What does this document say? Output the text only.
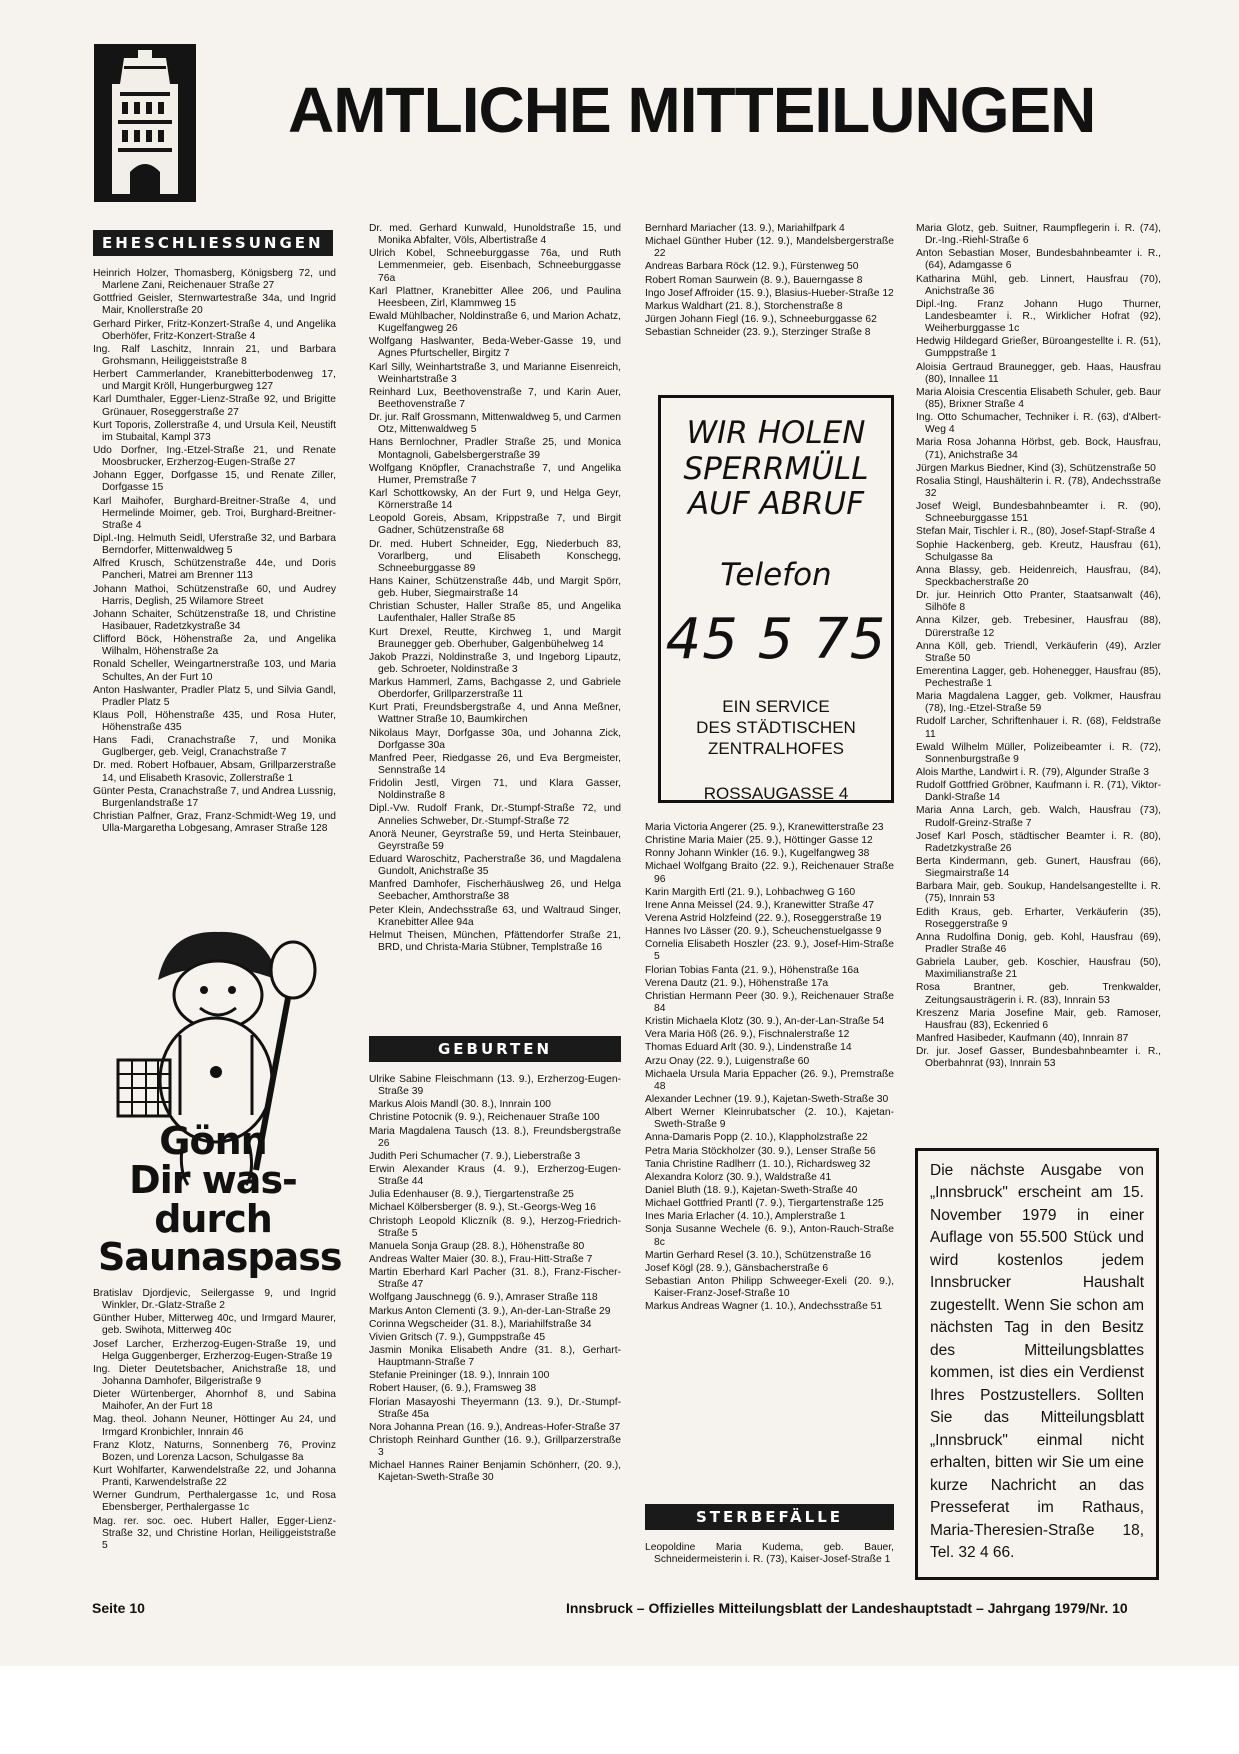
AMTLICHE MITTEILUNGEN
EHESCHLIESSUNGEN

Heinrich Holzer, Thomasberg, Königsberg 72, und Marlene Zani, Reichenauer Straße 27

Gottfried Geisler, Sternwartestraße 34a, und Ingrid Mair, Knollerstraße 20

Gerhard Pirker, Fritz-Konzert-Straße 4, und Angelika Oberhöfer, Fritz-Konzert-Straße 4

Ing. Ralf Laschitz, Innrain 21, und Barbara Grohsmann, Heiliggeiststraße 8

Herbert Cammerlander, Kranebitterbodenweg 17, und Margit Kröll, Hungerburgweg 127

Karl Dumthaler, Egger-Lienz-Straße 92, und Brigitte Grünauer, Roseggerstraße 27

Kurt Toporis, Zollerstraße 4, und Ursula Keil, Neustift im Stubaital, Kampl 373

Udo Dorfner, Ing.-Etzel-Straße 21, und Renate Moosbrucker, Erzherzog-Eugen-Straße 27

Johann Egger, Dorfgasse 15, und Renate Ziller, Dorfgasse 15

Karl Maihofer, Burghard-Breitner-Straße 4, und Hermelinde Moimer, geb. Troi, Burghard-Breitner-Straße 4

Dipl.-Ing. Helmuth Seidl, Uferstraße 32, und Barbara Berndorfer, Mittenwaldweg 5

Alfred Krusch, Schützenstraße 44e, und Doris Pancheri, Matrei am Brenner 113

Johann Mathoi, Schützenstraße 60, und Audrey Harris, Deglish, 25 Wilamore Street

Johann Schaiter, Schützenstraße 18, und Christine Hasibauer, Radetzkystraße 34

Clifford Böck, Höhenstraße 2a, und Angelika Wilhalm, Höhenstraße 2a

Ronald Scheller, Weingartnerstraße 103, und Maria Schultes, An der Furt 10

Anton Haslwanter, Pradler Platz 5, und Silvia Gandl, Pradler Platz 5

Klaus Poll, Höhenstraße 435, und Rosa Huter, Höhenstraße 435

Hans Fadi, Cranachstraße 7, und Monika Guglberger, geb. Veigl, Cranachstraße 7

Dr. med. Robert Hofbauer, Absam, Grillparzerstraße 14, und Elisabeth Krasovic, Zollerstraße 1

Günter Pesta, Cranachstraße 7, und Andrea Lussnig, Burgenlandstraße 17

Christian Palfner, Graz, Franz-Schmidt-Weg 19, und Ulla-Margaretha Lobgesang, Amraser Straße 128

Gönn
Dir was-
durch
Saunaspass

Bratislav Djordjevic, Seilergasse 9, und Ingrid Winkler, Dr.-Glatz-Straße 2

Günther Huber, Mitterweg 40c, und Irmgard Maurer, geb. Swihota, Mitterweg 40c

Josef Larcher, Erzherzog-Eugen-Straße 19, und Helga Guggenberger, Erzherzog-Eugen-Straße 19

Ing. Dieter Deutetsbacher, Anichstraße 18, und Johanna Damhofer, Bilgeristraße 9

Dieter Würtenberger, Ahornhof 8, und Sabina Maihofer, An der Furt 18

Mag. theol. Johann Neuner, Höttinger Au 24, und Irmgard Kronbichler, Innrain 46

Franz Klotz, Naturns, Sonnenberg 76, Provinz Bozen, und Lorenza Lacson, Schulgasse 8a

Kurt Wohlfarter, Karwendelstraße 22, und Johanna Pranti, Karwendelstraße 22

Werner Gundrum, Perthalergasse 1c, und Rosa Ebensberger, Perthalergasse 1c

Mag. rer. soc. oec. Hubert Haller, Egger-Lienz-Straße 32, und Christine Horlan, Heiliggeiststraße 5

Dr. med. Gerhard Kunwald, Hunoldstraße 15, und Monika Abfalter, Völs, Albertistraße 4

Ulrich Kobel, Schneeburggasse 76a, und Ruth Lemmenmeier, geb. Eisenbach, Schneeburggasse 76a

Karl Plattner, Kranebitter Allee 206, und Paulina Heesbeen, Zirl, Klammweg 15

Ewald Mühlbacher, Noldinstraße 6, und Marion Achatz, Kugelfangweg 26

Wolfgang Haslwanter, Beda-Weber-Gasse 19, und Agnes Pfurtscheller, Birgitz 7

Karl Silly, Weinhartstraße 3, und Marianne Eisenreich, Weinhartstraße 3

Reinhard Lux, Beethovenstraße 7, und Karin Auer, Beethovenstraße 7

Dr. jur. Ralf Grossmann, Mittenwaldweg 5, und Carmen Otz, Mittenwaldweg 5

Hans Bernlochner, Pradler Straße 25, und Monica Montagnoli, Gabelsbergerstraße 39

Wolfgang Knöpfler, Cranachstraße 7, und Angelika Humer, Premstraße 7

Karl Schottkowsky, An der Furt 9, und Helga Geyr, Körnerstraße 14

Leopold Goreis, Absam, Krippstraße 7, und Birgit Gadner, Schützenstraße 68

Dr. med. Hubert Schneider, Egg, Niederbuch 83, Vorarlberg, und Elisabeth Konschegg, Schneeburggasse 89

Hans Kainer, Schützenstraße 44b, und Margit Spörr, geb. Huber, Siegmairstraße 14

Christian Schuster, Haller Straße 85, und Angelika Laufenthaler, Haller Straße 85

Kurt Drexel, Reutte, Kirchweg 1, und Margit Braunegger geb. Oberhuber, Galgenbühelweg 14

Jakob Prazzi, Noldinstraße 3, und Ingeborg Lipautz, geb. Schroeter, Noldinstraße 3

Markus Hammerl, Zams, Bachgasse 2, und Gabriele Oberdorfer, Grillparzerstraße 11

Kurt Prati, Freundsbergstraße 4, und Anna Meßner, Wattner Straße 10, Baumkirchen

Nikolaus Mayr, Dorfgasse 30a, und Johanna Zick, Dorfgasse 30a

Manfred Peer, Riedgasse 26, und Eva Bergmeister, Sennstraße 14

Fridolin Jestl, Virgen 71, und Klara Gasser, Noldinstraße 8

Dipl.-Vw. Rudolf Frank, Dr.-Stumpf-Straße 72, und Annelies Schweber, Dr.-Stumpf-Straße 72

Anorä Neuner, Geyrstraße 59, und Herta Steinbauer, Geyrstraße 59

Eduard Waroschitz, Pacherstraße 36, und Magdalena Gundolt, Anichstraße 35

Manfred Damhofer, Fischerhäuslweg 26, und Helga Seebacher, Amthorstraße 38

Peter Klein, Andechsstraße 63, und Waltraud Singer, Kranebitter Allee 94a

Helmut Theisen, München, Pfättendorfer Straße 21, BRD, und Christa-Maria Stübner, Templstraße 16

GEBURTEN

Ulrike Sabine Fleischmann (13. 9.), Erzherzog-Eugen-Straße 39

Markus Alois Mandl (30. 8.), Innrain 100

Christine Potocnik (9. 9.), Reichenauer Straße 100

Maria Magdalena Tausch (13. 8.), Freundsbergstraße 26

Judith Peri Schumacher (7. 9.), Lieberstraße 3

Erwin Alexander Kraus (4. 9.), Erzherzog-Eugen-Straße 44

Julia Edenhauser (8. 9.), Tiergartenstraße 25

Michael Kölbersberger (8. 9.), St.-Georgs-Weg 16

Christoph Leopold Kliczník (8. 9.), Herzog-Friedrich-Straße 5

Manuela Sonja Graup (28. 8.), Höhenstraße 80

Andreas Walter Maier (30. 8.), Frau-Hitt-Straße 7

Martin Eberhard Karl Pacher (31. 8.), Franz-Fischer-Straße 47

Wolfgang Jauschnegg (6. 9.), Amraser Straße 118

Markus Anton Clementi (3. 9.), An-der-Lan-Straße 29

Corinna Wegscheider (31. 8.), Mariahilfstraße 34

Vivien Gritsch (7. 9.), Gumppstraße 45

Jasmin Monika Elisabeth Andre (31. 8.), Gerhart-Hauptmann-Straße 7

Stefanie Preininger (18. 9.), Innrain 100

Robert Hauser, (6. 9.), Framsweg 38

Florian Masayoshi Theyermann (13. 9.), Dr.-Stumpf-Straße 45a

Nora Johanna Prean (16. 9.), Andreas-Hofer-Straße 37

Christoph Reinhard Gunther (16. 9.), Grillparzerstraße 3

Michael Hannes Rainer Benjamin Schönherr, (20. 9.), Kajetan-Sweth-Straße 30

Bernhard Mariacher (13. 9.), Mariahilfpark 4

Michael Günther Huber (12. 9.), Mandelsbergerstraße 22

Andreas Barbara Röck (12. 9.), Fürstenweg 50

Robert Roman Saurwein (8. 9.), Bauerngasse 8

Ingo Josef Affroider (15. 9.), Blasius-Hueber-Straße 12

Markus Waldhart (21. 8.), Storchenstraße 8

Jürgen Johann Fiegl (16. 9.), Schneeburggasse 62

Sebastian Schneider (23. 9.), Sterzinger Straße 8

WIR HOLEN
SPERRMÜLL
AUF ABRUF
Telefon
45 5 75
EIN SERVICE
DES STÄDTISCHEN
ZENTRALHOFES
ROSSAUGASSE 4

Maria Victoria Angerer (25. 9.), Kranewitterstraße 23

Christine Maria Maier (25. 9.), Höttinger Gasse 12

Ronny Johann Winkler (16. 9.), Kugelfangweg 38

Michael Wolfgang Braito (22. 9.), Reichenauer Straße 96

Karin Margith Ertl (21. 9.), Lohbachweg G 160

Irene Anna Meissel (24. 9.), Kranewitter Straße 47

Verena Astrid Holzfeind (22. 9.), Roseggerstraße 19

Hannes Ivo Lässer (20. 9.), Scheuchenstuelgasse 9

Cornelia Elisabeth Hoszler (23. 9.), Josef-Him-Straße 5

Florian Tobias Fanta (21. 9.), Höhenstraße 16a

Verena Dautz (21. 9.), Höhenstraße 17a

Christian Hermann Peer (30. 9.), Reichenauer Straße 84

Kristin Michaela Klotz (30. 9.), An-der-Lan-Straße 54

Vera Maria Höß (26. 9.), Fischnalerstraße 12

Thomas Eduard Arlt (30. 9.), Lindenstraße 14

Arzu Onay (22. 9.), Luigenstraße 60

Michaela Ursula Maria Eppacher (26. 9.), Premstraße 48

Alexander Lechner (19. 9.), Kajetan-Sweth-Straße 30

Albert Werner Kleinrubatscher (2. 10.), Kajetan-Sweth-Straße 9

Anna-Damaris Popp (2. 10.), Klappholzstraße 22

Petra Maria Stöckholzer (30. 9.), Lenser Straße 56

Tania Christine Radlherr (1. 10.), Richardsweg 32

Alexandra Kolorz (30. 9.), Waldstraße 41

Daniel Bluth (18. 9.), Kajetan-Sweth-Straße 40

Michael Gottfried Prantl (7. 9.), Tiergartenstraße 125

Ines Maria Erlacher (4. 10.), Amplerstraße 1

Sonja Susanne Wechele (6. 9.), Anton-Rauch-Straße 8c

Martin Gerhard Resel (3. 10.), Schützenstraße 16

Josef Kögl (28. 9.), Gänsbacherstraße 6

Sebastian Anton Philipp Schweeger-Exeli (20. 9.), Kaiser-Franz-Josef-Straße 10

Markus Andreas Wagner (1. 10.), Andechsstraße 51

STERBEFÄLLE

Leopoldine Maria Kudema, geb. Bauer, Schneidermeisterin i. R. (73), Kaiser-Josef-Straße 1

Maria Glotz, geb. Suitner, Raumpflegerin i. R. (74), Dr.-Ing.-Riehl-Straße 6

Anton Sebastian Moser, Bundesbahnbeamter i. R., (64), Adamgasse 6

Katharina Mühl, geb. Linnert, Hausfrau (70), Anichstraße 36

Dipl.-Ing. Franz Johann Hugo Thurner, Landesbeamter i. R., Wirklicher Hofrat (92), Weiherburggasse 1c

Hedwig Hildegard Grießer, Büroangestellte i. R. (51), Gumppstraße 1

Aloisia Gertraud Braunegger, geb. Haas, Hausfrau (80), Innallee 11

Maria Aloisia Crescentia Elisabeth Schuler, geb. Baur (85), Brixner Straße 4

Ing. Otto Schumacher, Techniker i. R. (63), d'Albert-Weg 4

Maria Rosa Johanna Hörbst, geb. Bock, Hausfrau, (71), Anichstraße 34

Jürgen Markus Biedner, Kind (3), Schützenstraße 50

Rosalia Stingl, Haushälterin i. R. (78), Andechsstraße 32

Josef Weigl, Bundesbahnbeamter i. R. (90), Schneeburggasse 151

Stefan Mair, Tischler i. R., (80), Josef-Stapf-Straße 4

Sophie Hackenberg, geb. Kreutz, Hausfrau (61), Schulgasse 8a

Anna Blassy, geb. Heidenreich, Hausfrau, (84), Speckbacherstraße 20

Dr. jur. Heinrich Otto Pranter, Staatsanwalt (46), Silhöfe 8

Anna Kilzer, geb. Trebesiner, Hausfrau (88), Dürerstraße 12

Anna Köll, geb. Triendl, Verkäuferin (49), Arzler Straße 50

Emerentina Lagger, geb. Hohenegger, Hausfrau (85), Pechestraße 1

Maria Magdalena Lagger, geb. Volkmer, Hausfrau (78), Ing.-Etzel-Straße 59

Rudolf Larcher, Schriftenhauer i. R. (68), Feldstraße 11

Ewald Wilhelm Müller, Polizeibeamter i. R. (72), Sonnenburgstraße 9

Alois Marthe, Landwirt i. R. (79), Algunder Straße 3

Rudolf Gottfried Gröbner, Kaufmann i. R. (71), Viktor-Dankl-Straße 14

Maria Anna Larch, geb. Walch, Hausfrau (73), Rudolf-Greinz-Straße 7

Josef Karl Posch, städtischer Beamter i. R. (80), Radetzkystraße 26

Berta Kindermann, geb. Gunert, Hausfrau (66), Siegmairstraße 14

Barbara Mair, geb. Soukup, Handelsangestellte i. R. (75), Innrain 53

Edith Kraus, geb. Erharter, Verkäuferin (35), Roseggerstraße 9

Anna Rudolfina Donig, geb. Kohl, Hausfrau (69), Pradler Straße 46

Gabriela Lauber, geb. Koschier, Hausfrau (50), Maximilianstraße 21

Rosa Brantner, geb. Trenkwalder, Zeitungsausträgerin i. R. (83), Innrain 53

Kreszenz Maria Josefine Mair, geb. Ramoser, Hausfrau (83), Eckenried 6

Manfred Hasibeder, Kaufmann (40), Innrain 87

Dr. jur. Josef Gasser, Bundesbahnbeamter i. R., Oberbahnrat (93), Innrain 53

Die nächste Ausgabe von „Innsbruck" erscheint am 15. November 1979 in einer Auflage von 55.500 Stück und wird kostenlos jedem Innsbrucker Haushalt zugestellt. Wenn Sie schon am nächsten Tag in den Besitz des Mitteilungsblattes kommen, ist dies ein Verdienst Ihres Postzustellers. Sollten Sie das Mitteilungsblatt „Innsbruck" einmal nicht erhalten, bitten wir Sie um eine kurze Nachricht an das Presseferat im Rathaus, Maria-Theresien-Straße 18, Tel. 32 4 66.
Seite 10	Innsbruck – Offizielles Mitteilungsblatt der Landeshauptstadt – Jahrgang 1979/Nr. 10
